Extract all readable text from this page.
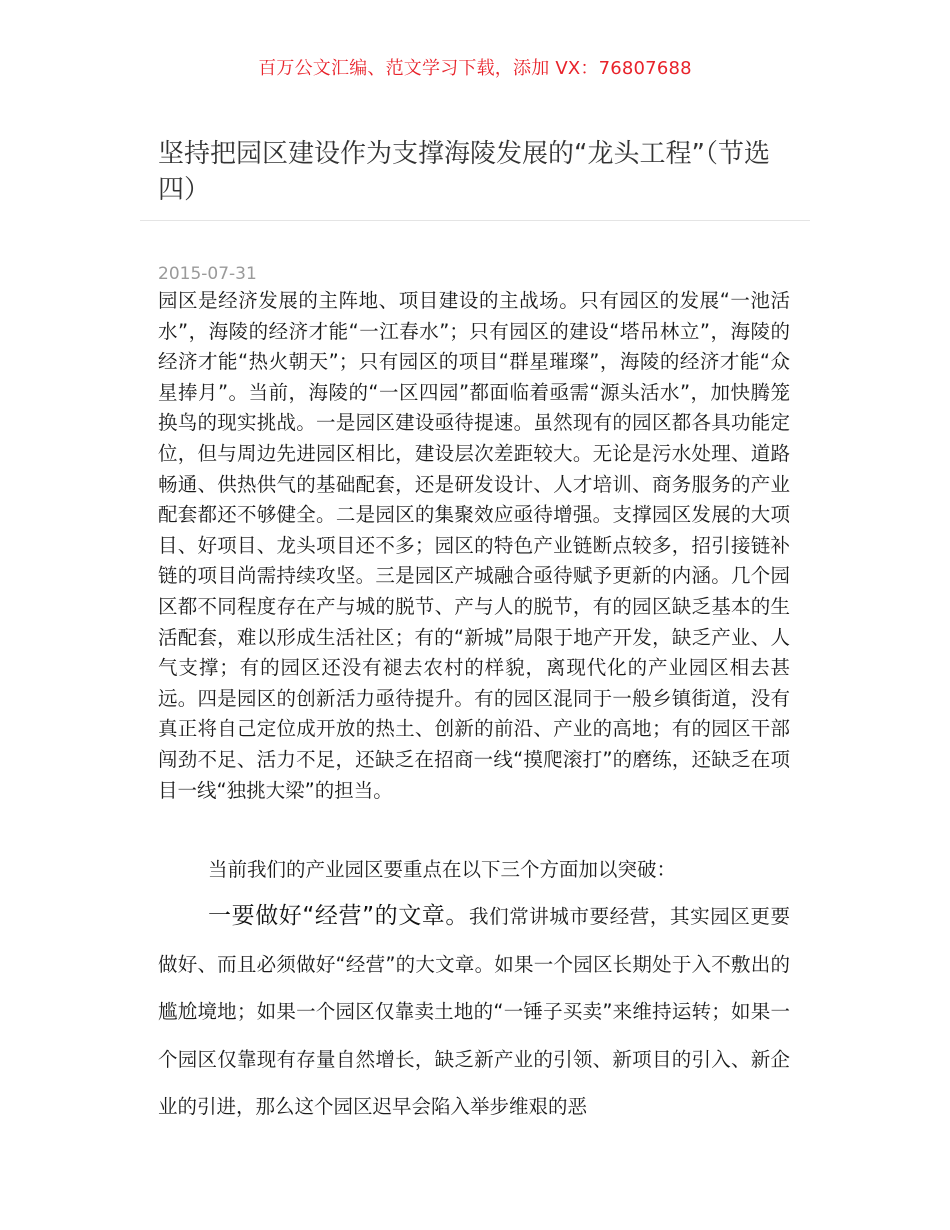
百万公文汇编、范文学习下载，添加 VX：76807688
坚持把园区建设作为支撑海陵发展的“龙头工程”（节选四）
2015-07-31

园区是经济发展的主阵地、项目建设的主战场。只有园区的发展“一池活水”，海陵的经济才能“一江春水”；只有园区的建设“塔吊林立”，海陵的经济才能“热火朝天”；只有园区的项目“群星璀璨”，海陵的经济才能“众星捧月”。当前，海陵的“一区四园”都面临着亟需“源头活水”，加快腾笼换鸟的现实挑战。一是园区建设亟待提速。虽然现有的园区都各具功能定位，但与周边先进园区相比，建设层次差距较大。无论是污水处理、道路畅通、供热供气的基础配套，还是研发设计、人才培训、商务服务的产业配套都还不够健全。二是园区的集聚效应亟待增强。支撑园区发展的大项目、好项目、龙头项目还不多；园区的特色产业链断点较多，招引接链补链的项目尚需持续攻坚。三是园区产城融合亟待赋予更新的内涵。几个园区都不同程度存在产与城的脱节、产与人的脱节，有的园区缺乏基本的生活配套，难以形成生活社区；有的“新城”局限于地产开发，缺乏产业、人气支撑；有的园区还没有褪去农村的样貌，离现代化的产业园区相去甚远。四是园区的创新活力亟待提升。有的园区混同于一般乡镇街道，没有真正将自己定位成开放的热土、创新的前沿、产业的高地；有的园区干部闯劲不足、活力不足，还缺乏在招商一线“摸爬滚打”的磨练，还缺乏在项目一线“独挑大梁”的担当。

当前我们的产业园区要重点在以下三个方面加以突破：

一要做好“经营”的文章。我们常讲城市要经营，其实园区更要做好、而且必须做好“经营”的大文章。如果一个园区长期处于入不敷出的尴尬境地；如果一个园区仅靠卖土地的“一锤子买卖”来维持运转；如果一个园区仅靠现有存量自然增长，缺乏新产业的引领、新项目的引入、新企业的引进，那么这个园区迟早会陷入举步维艰的恶
